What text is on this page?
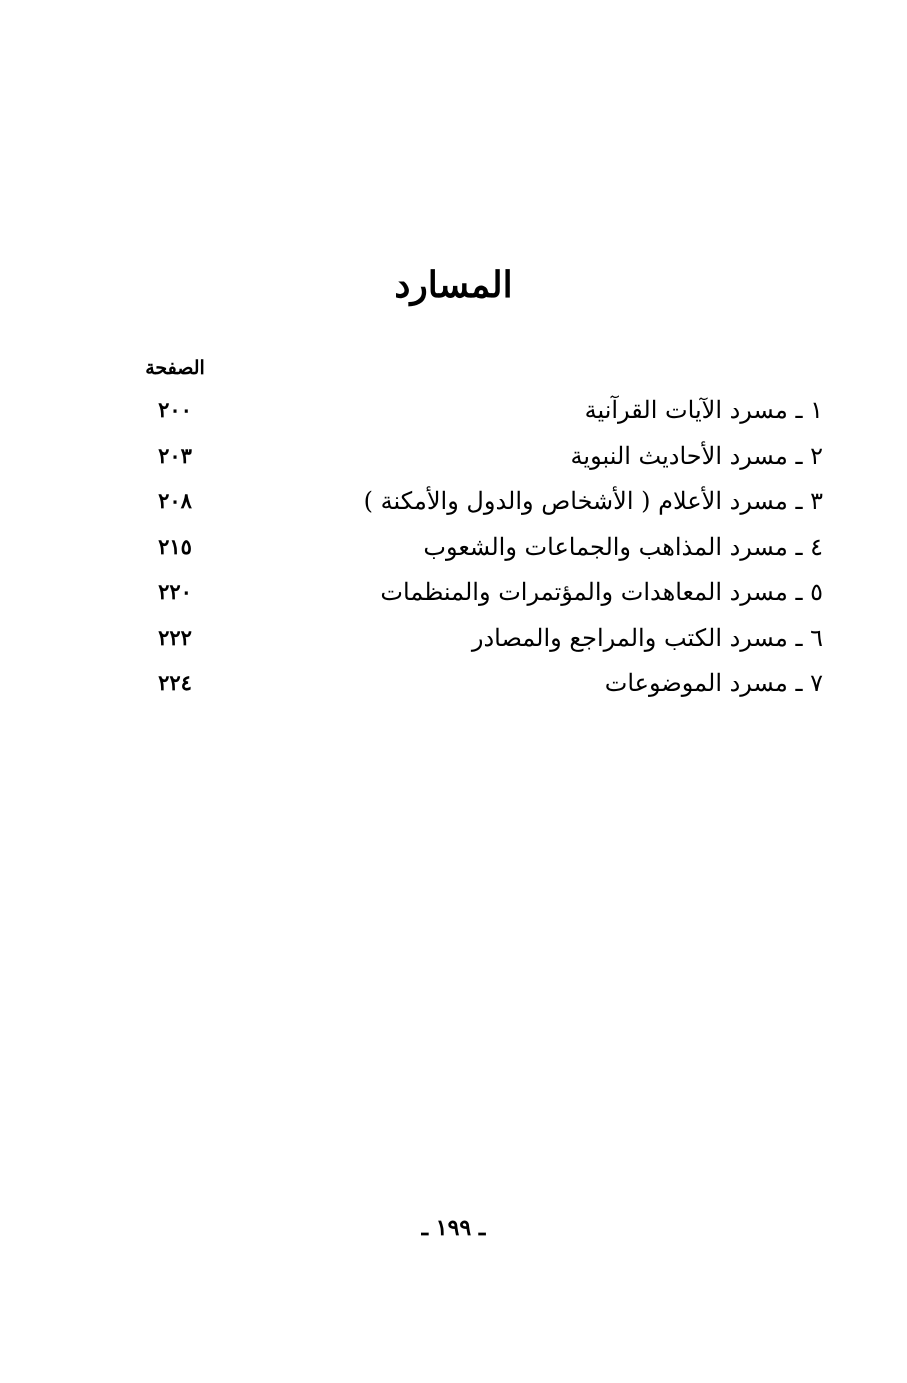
المسارد
الصفحة
١ ـ مسرد الآيات القرآنية
٢٠٠
٢ ـ مسرد الأحاديث النبوية
٢٠٣
٣ ـ مسرد الأعلام ( الأشخاص والدول والأمكنة )
٢٠٨
٤ ـ مسرد المذاهب والجماعات والشعوب
٢١٥
٥ ـ مسرد المعاهدات والمؤتمرات والمنظمات
٢٢٠
٦ ـ مسرد الكتب والمراجع والمصادر
٢٢٢
٧ ـ مسرد الموضوعات
٢٢٤
ـ ١٩٩ ـ
